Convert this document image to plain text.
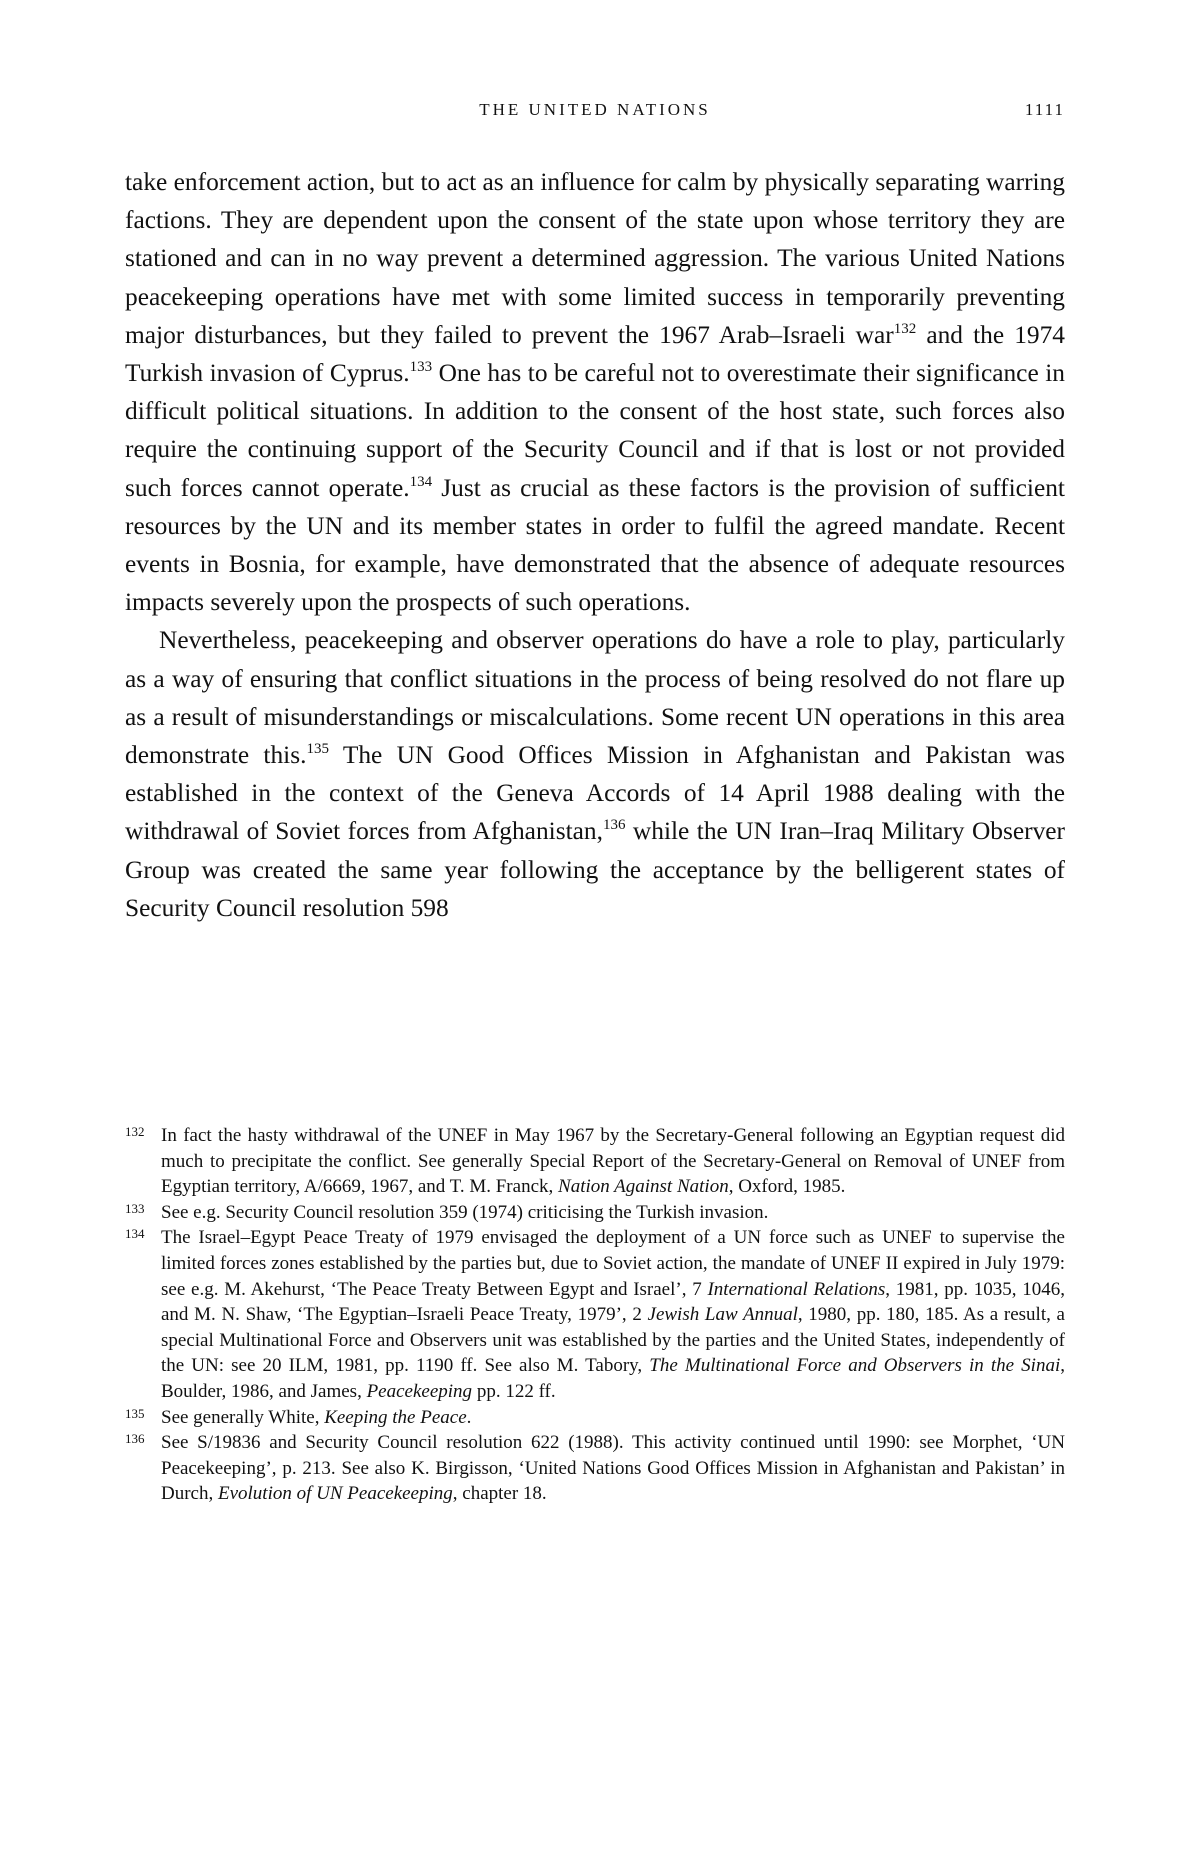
THE UNITED NATIONS	1111

take enforcement action, but to act as an influence for calm by physically separating warring factions. They are dependent upon the consent of the state upon whose territory they are stationed and can in no way prevent a determined aggression. The various United Nations peacekeeping operations have met with some limited success in temporarily preventing major disturbances, but they failed to prevent the 1967 Arab–Israeli war$^{132}$ and the 1974 Turkish invasion of Cyprus.$^{133}$ One has to be careful not to overestimate their significance in difficult political situations. In addition to the consent of the host state, such forces also require the continuing support of the Security Council and if that is lost or not provided such forces cannot operate.$^{134}$ Just as crucial as these factors is the provision of sufficient resources by the UN and its member states in order to fulfil the agreed mandate. Recent events in Bosnia, for example, have demonstrated that the absence of adequate resources impacts severely upon the prospects of such operations.

Nevertheless, peacekeeping and observer operations do have a role to play, particularly as a way of ensuring that conflict situations in the process of being resolved do not flare up as a result of misunderstandings or miscalculations. Some recent UN operations in this area demonstrate this.$^{135}$ The UN Good Offices Mission in Afghanistan and Pakistan was established in the context of the Geneva Accords of 14 April 1988 dealing with the withdrawal of Soviet forces from Afghanistan,$^{136}$ while the UN Iran–Iraq Military Observer Group was created the same year following the acceptance by the belligerent states of Security Council resolution 598

132 In fact the hasty withdrawal of the UNEF in May 1967 by the Secretary-General following an Egyptian request did much to precipitate the conflict. See generally Special Report of the Secretary-General on Removal of UNEF from Egyptian territory, A/6669, 1967, and T. M. Franck, Nation Against Nation, Oxford, 1985.

133 See e.g. Security Council resolution 359 (1974) criticising the Turkish invasion.

134 The Israel–Egypt Peace Treaty of 1979 envisaged the deployment of a UN force such as UNEF to supervise the limited forces zones established by the parties but, due to Soviet action, the mandate of UNEF II expired in July 1979: see e.g. M. Akehurst, ‘The Peace Treaty Between Egypt and Israel’, 7 International Relations, 1981, pp. 1035, 1046, and M. N. Shaw, ‘The Egyptian–Israeli Peace Treaty, 1979’, 2 Jewish Law Annual, 1980, pp. 180, 185. As a result, a special Multinational Force and Observers unit was established by the parties and the United States, independently of the UN: see 20 ILM, 1981, pp. 1190 ff. See also M. Tabory, The Multinational Force and Observers in the Sinai, Boulder, 1986, and James, Peacekeeping pp. 122 ff.

135 See generally White, Keeping the Peace.

136 See S/19836 and Security Council resolution 622 (1988). This activity continued until 1990: see Morphet, ‘UN Peacekeeping’, p. 213. See also K. Birgisson, ‘United Nations Good Offices Mission in Afghanistan and Pakistan’ in Durch, Evolution of UN Peacekeeping, chapter 18.
